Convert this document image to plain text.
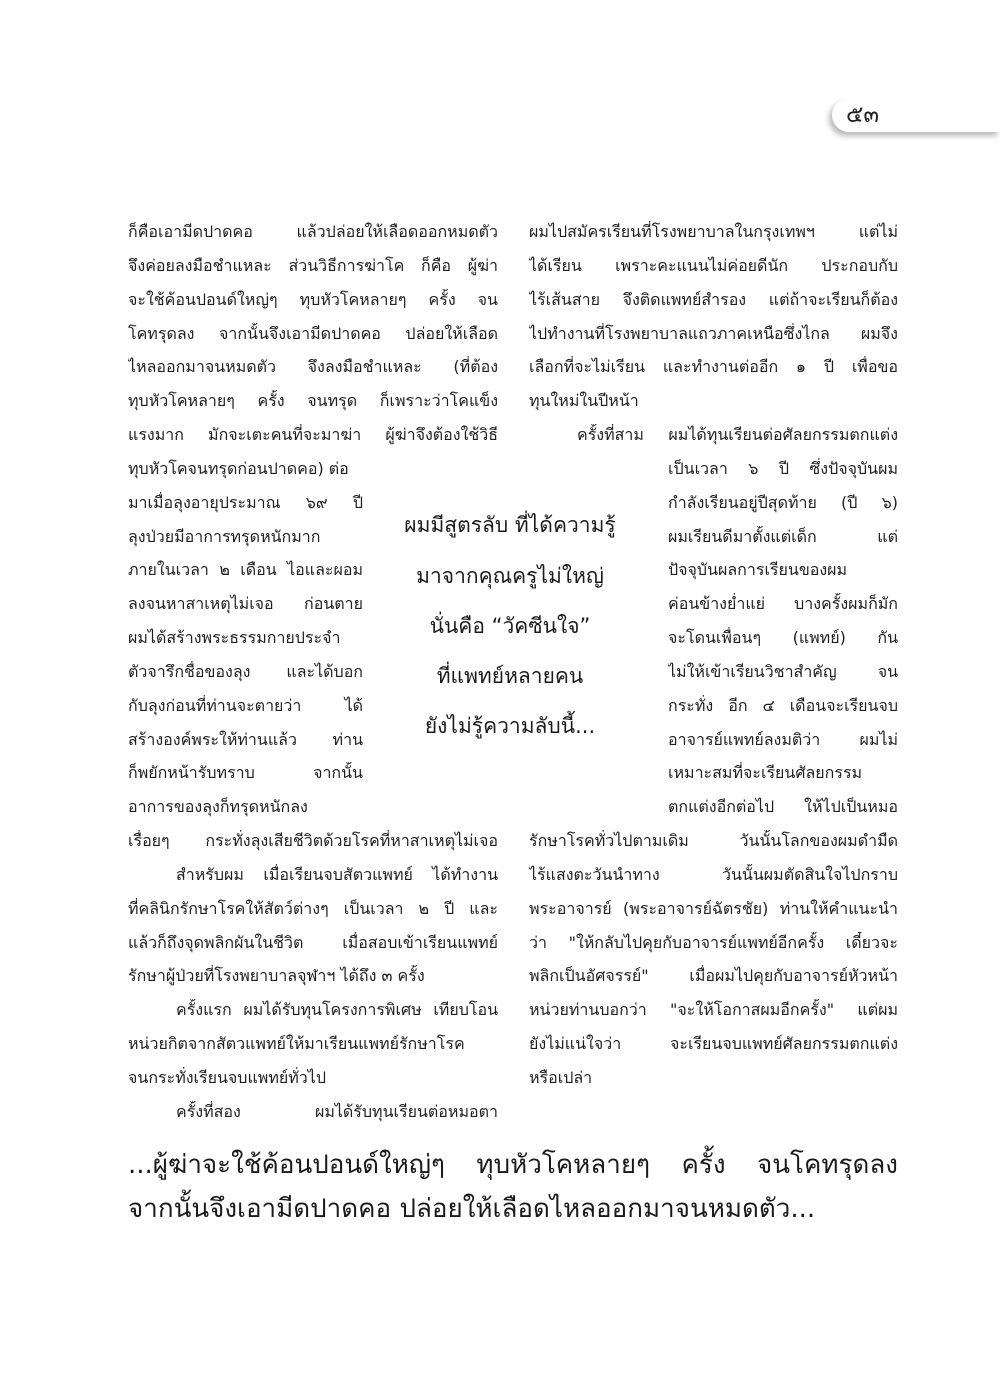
๕๓
ก็คือเอามีดปาดคอ แล้วปล่อยให้เลือดออกหมดตัว
จึงค่อยลงมือชำแหละ ส่วนวิธีการฆ่าโค ก็คือ ผู้ฆ่า
จะใช้ค้อนปอนด์ใหญ่ๆ ทุบหัวโคหลายๆ ครั้ง จน
โคทรุดลง จากนั้นจึงเอามีดปาดคอ ปล่อยให้เลือด
ไหลออกมาจนหมดตัว จึงลงมือชำแหละ (ที่ต้อง
ทุบหัวโคหลายๆ ครั้ง จนทรุด ก็เพราะว่าโคแข็ง
แรงมาก มักจะเตะคนที่จะมาฆ่า ผู้ฆ่าจึงต้องใช้วิธี
ทุบหัวโคจนทรุดก่อนปาดคอ) ต่อ
มาเมื่อลุงอายุประมาณ ๖๙ ปี
ลุงป่วยมีอาการทรุดหนักมาก
ภายในเวลา ๒ เดือน ไอและผอม
ลงจนหาสาเหตุไม่เจอ ก่อนตาย
ผมได้สร้างพระธรรมกายประจำ
ตัวจารึกชื่อของลุง และได้บอก
กับลุงก่อนที่ท่านจะตายว่า ได้
สร้างองค์พระให้ท่านแล้ว ท่าน
ก็พยักหน้ารับทราบ จากนั้น
อาการของลุงก็ทรุดหนักลง
เรื่อยๆ กระทั่งลุงเสียชีวิตด้วยโรคที่หาสาเหตุไม่เจอ
สำหรับผม เมื่อเรียนจบสัตวแพทย์ ได้ทำงาน
ที่คลินิกรักษาโรคให้สัตว์ต่างๆ เป็นเวลา ๒ ปี และ
แล้วก็ถึงจุดพลิกผันในชีวิต เมื่อสอบเข้าเรียนแพทย์
รักษาผู้ป่วยที่โรงพยาบาลจุฬาฯ ได้ถึง ๓ ครั้ง
ครั้งแรก ผมได้รับทุนโครงการพิเศษ เทียบโอน
หน่วยกิตจากสัตวแพทย์ให้มาเรียนแพทย์รักษาโรค
จนกระทั่งเรียนจบแพทย์ทั่วไป
ครั้งที่สอง ผมได้รับทุนเรียนต่อหมอตา
ผมไปสมัครเรียนที่โรงพยาบาลในกรุงเทพฯ แต่ไม่
ได้เรียน เพราะคะแนนไม่ค่อยดีนัก ประกอบกับ
ไร้เส้นสาย จึงติดแพทย์สำรอง แต่ถ้าจะเรียนก็ต้อง
ไปทำงานที่โรงพยาบาลแถวภาคเหนือซึ่งไกล ผมจึง
เลือกที่จะไม่เรียน และทำงานต่ออีก ๑ ปี เพื่อขอ
ทุนใหม่ในปีหน้า
ครั้งที่สาม ผมได้ทุนเรียนต่อศัลยกรรมตกแต่ง
เป็นเวลา ๖ ปี ซึ่งปัจจุบันผม
กำลังเรียนอยู่ปีสุดท้าย (ปี ๖)
ผมเรียนดีมาตั้งแต่เด็ก แต่
ปัจจุบันผลการเรียนของผม
ค่อนข้างย่ำแย่ บางครั้งผมก็มัก
จะโดนเพื่อนๆ (แพทย์) กัน
ไม่ให้เข้าเรียนวิชาสำคัญ จน
กระทั่ง อีก ๔ เดือนจะเรียนจบ
อาจารย์แพทย์ลงมติว่า ผมไม่
เหมาะสมที่จะเรียนศัลยกรรม
ตกแต่งอีกต่อไป ให้ไปเป็นหมอ
รักษาโรคทั่วไปตามเดิม วันนั้นโลกของผมดำมืด
ไร้แสงตะวันนำทาง วันนั้นผมตัดสินใจไปกราบ
พระอาจารย์ (พระอาจารย์ฉัตรชัย) ท่านให้คำแนะนำ
ว่า "ให้กลับไปคุยกับอาจารย์แพทย์อีกครั้ง เดี๋ยวจะ
พลิกเป็นอัศจรรย์" เมื่อผมไปคุยกับอาจารย์หัวหน้า
หน่วยท่านบอกว่า "จะให้โอกาสผมอีกครั้ง" แต่ผม
ยังไม่แน่ใจว่า จะเรียนจบแพทย์ศัลยกรรมตกแต่ง
หรือเปล่า
ผมมีสูตรลับ ที่ได้ความรู้
มาจากคุณครูไม่ใหญ่
นั่นคือ “วัคซีนใจ”
ที่แพทย์หลายคน
ยังไม่รู้ความลับนี้...
...ผู้ฆ่าจะใช้ค้อนปอนด์ใหญ่ๆ ทุบหัวโคหลายๆ ครั้ง จนโคทรุดลง
จากนั้นจึงเอามีดปาดคอ ปล่อยให้เลือดไหลออกมาจนหมดตัว...
